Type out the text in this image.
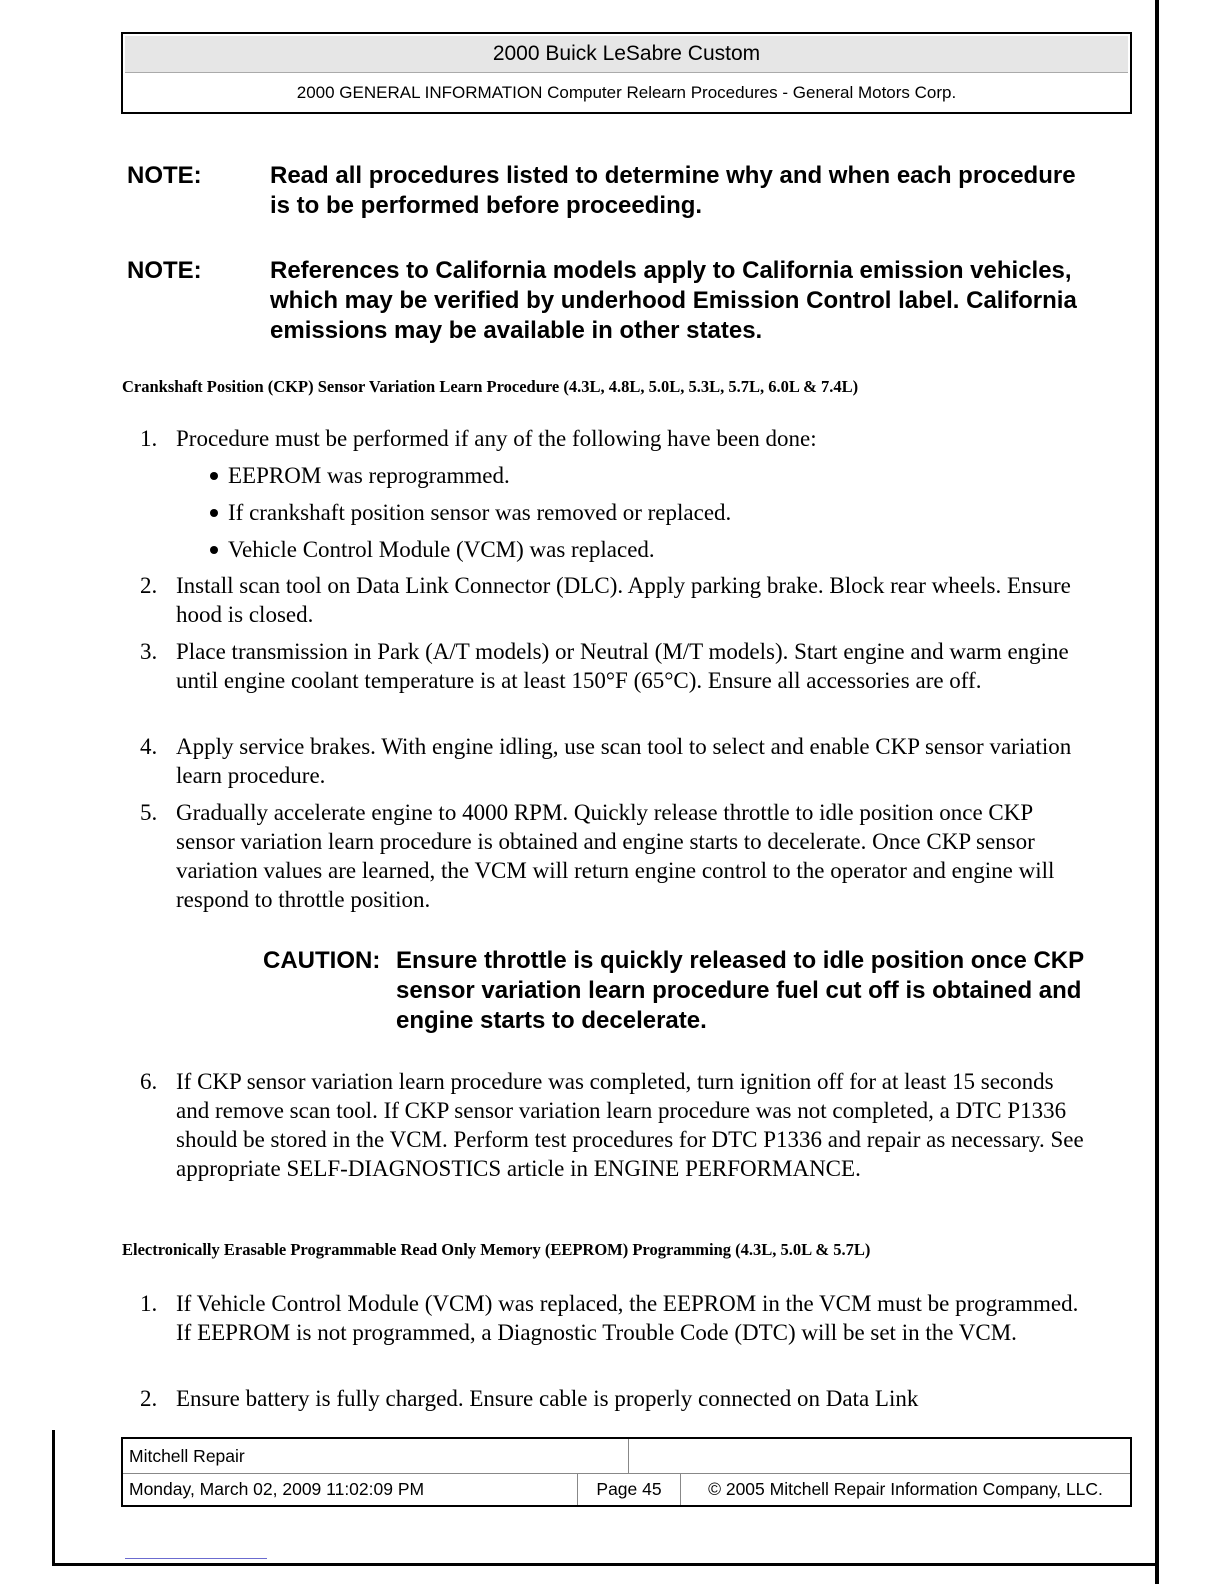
2000 Buick LeSabre Custom
2000 GENERAL INFORMATION Computer Relearn Procedures - General Motors Corp.
NOTE:	Read all procedures listed to determine why and when each procedure is to be performed before proceeding.
NOTE:	References to California models apply to California emission vehicles, which may be verified by underhood Emission Control label. California emissions may be available in other states.
Crankshaft Position (CKP) Sensor Variation Learn Procedure (4.3L, 4.8L, 5.0L, 5.3L, 5.7L, 6.0L & 7.4L)
1. Procedure must be performed if any of the following have been done:
EEPROM was reprogrammed.
If crankshaft position sensor was removed or replaced.
Vehicle Control Module (VCM) was replaced.
2. Install scan tool on Data Link Connector (DLC). Apply parking brake. Block rear wheels. Ensure hood is closed.
3. Place transmission in Park (A/T models) or Neutral (M/T models). Start engine and warm engine until engine coolant temperature is at least 150°F (65°C). Ensure all accessories are off.
4. Apply service brakes. With engine idling, use scan tool to select and enable CKP sensor variation learn procedure.
5. Gradually accelerate engine to 4000 RPM. Quickly release throttle to idle position once CKP sensor variation learn procedure is obtained and engine starts to decelerate. Once CKP sensor variation values are learned, the VCM will return engine control to the operator and engine will respond to throttle position.
CAUTION: Ensure throttle is quickly released to idle position once CKP sensor variation learn procedure fuel cut off is obtained and engine starts to decelerate.
6. If CKP sensor variation learn procedure was completed, turn ignition off for at least 15 seconds and remove scan tool. If CKP sensor variation learn procedure was not completed, a DTC P1336 should be stored in the VCM. Perform test procedures for DTC P1336 and repair as necessary. See appropriate SELF-DIAGNOSTICS article in ENGINE PERFORMANCE.
Electronically Erasable Programmable Read Only Memory (EEPROM) Programming (4.3L, 5.0L & 5.7L)
1. If Vehicle Control Module (VCM) was replaced, the EEPROM in the VCM must be programmed. If EEPROM is not programmed, a Diagnostic Trouble Code (DTC) will be set in the VCM.
2. Ensure battery is fully charged. Ensure cable is properly connected on Data Link
Mitchell Repair
Monday, March 02, 2009 11:02:09 PM	Page 45	© 2005 Mitchell Repair Information Company, LLC.
